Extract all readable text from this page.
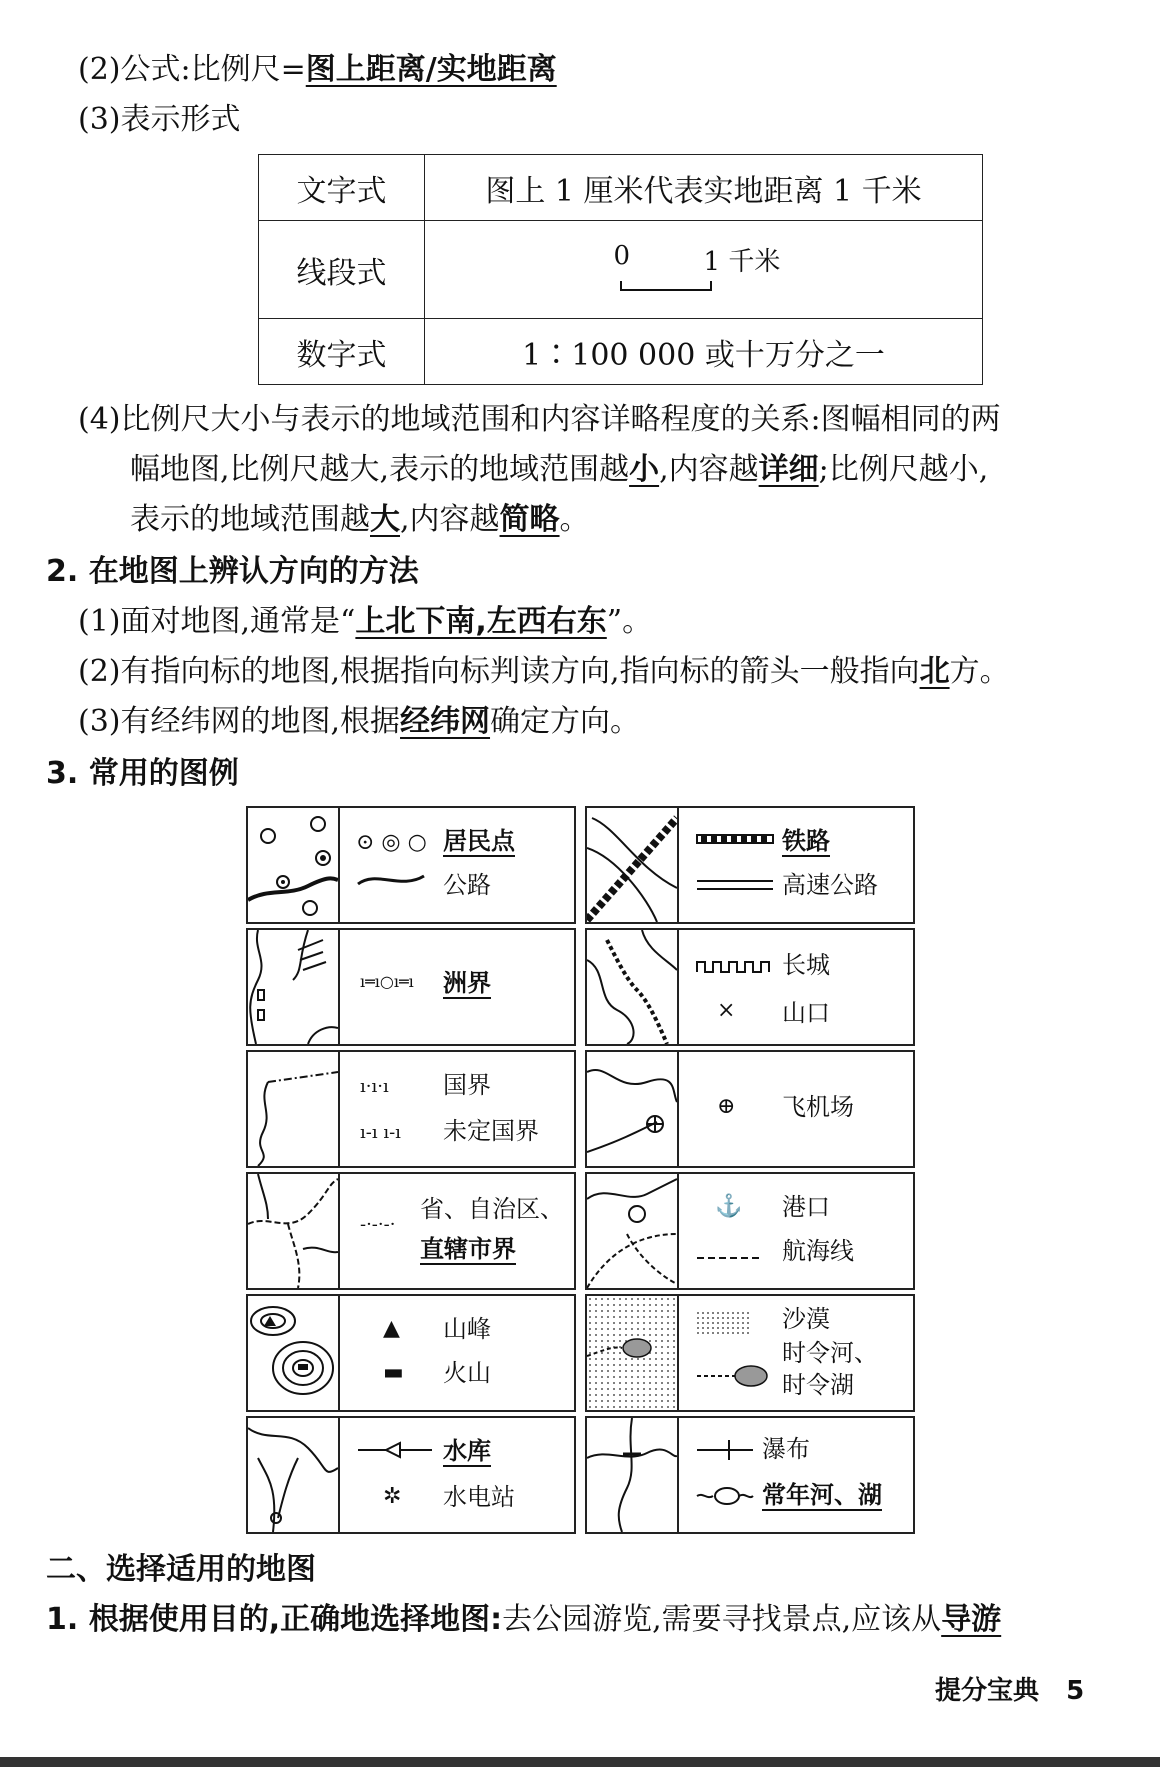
(2)公式:比例尺=图上距离/实地距离
(3)表示形式
文字式	图上 1 厘米代表实地距离 1 千米
线段式	0 1 千米

数字式	1∶100 000 或十万分之一
(4)比例尺大小与表示的地域范围和内容详略程度的关系:图幅相同的两
幅地图,比例尺越大,表示的地域范围越小,内容越详细;比例尺越小,
表示的地域范围越大,内容越简略。
2. 在地图上辨认方向的方法
(1)面对地图,通常是“上北下南,左西右东”。
(2)有指向标的地图,根据指向标判读方向,指向标的箭头一般指向北方。
(3)有经纬网的地图,根据经纬网确定方向。
3. 常用的图例
⊙ ◎ ○ 居民点
公路
铁路
高速公路
ı═ı○ı═ı 洲界
长城
× 山口
ı·ı·ı 国界
ı-ı ı-ı 未定国界
⊕ 飞机场
-·-·-·
省、自治区、
直辖市界
⚓ 港口
航海线
▲ 山峰
▬ 火山
沙漠
时令河、
时令湖
水库
✲ 水电站
瀑布
常年河、湖
二、选择适用的地图
1. 根据使用目的,正确地选择地图:去公园游览,需要寻找景点,应该从导游
提分宝典 5
